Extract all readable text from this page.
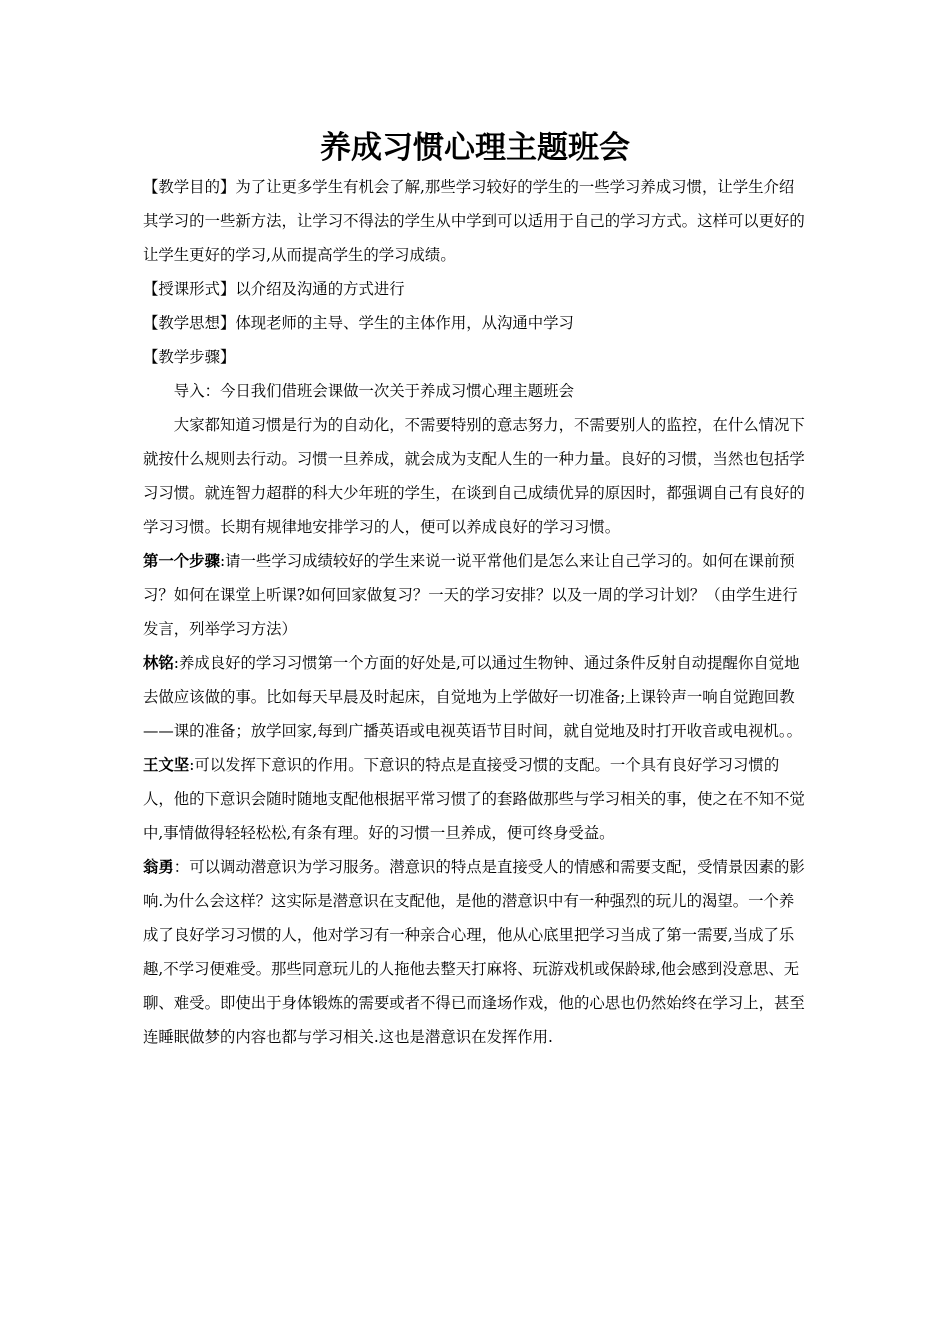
养成习惯心理主题班会

【教学目的】为了让更多学生有机会了解,那些学习较好的学生的一些学习养成习惯，让学生介绍其学习的一些新方法，让学习不得法的学生从中学到可以适用于自己的学习方式。这样可以更好的让学生更好的学习,从而提高学生的学习成绩。

【授课形式】以介绍及沟通的方式进行

【教学思想】体现老师的主导、学生的主体作用，从沟通中学习

【教学步骤】

导入：今日我们借班会课做一次关于养成习惯心理主题班会

大家都知道习惯是行为的自动化，不需要特别的意志努力，不需要别人的监控，在什么情况下就按什么规则去行动。习惯一旦养成，就会成为支配人生的一种力量。良好的习惯，当然也包括学习习惯。就连智力超群的科大少年班的学生，在谈到自己成绩优异的原因时，都强调自己有良好的学习习惯。长期有规律地安排学习的人，便可以养成良好的学习习惯。

第一个步骤:请一些学习成绩较好的学生来说一说平常他们是怎么来让自己学习的。如何在课前预习？如何在课堂上听课?如何回家做复习？一天的学习安排？以及一周的学习计划？（由学生进行发言，列举学习方法）

林铭:养成良好的学习习惯第一个方面的好处是,可以通过生物钟、通过条件反射自动提醒你自觉地去做应该做的事。比如每天早晨及时起床，自觉地为上学做好一切准备;上课铃声一响自觉跑回教——课的准备；放学回家,每到广播英语或电视英语节目时间，就自觉地及时打开收音或电视机。。

王文坚:可以发挥下意识的作用。下意识的特点是直接受习惯的支配。一个具有良好学习习惯的人，他的下意识会随时随地支配他根据平常习惯了的套路做那些与学习相关的事，使之在不知不觉中,事情做得轻轻松松,有条有理。好的习惯一旦养成，便可终身受益。

翁勇：可以调动潜意识为学习服务。潜意识的特点是直接受人的情感和需要支配，受情景因素的影响.为什么会这样？这实际是潜意识在支配他，是他的潜意识中有一种强烈的玩儿的渴望。一个养成了良好学习习惯的人，他对学习有一种亲合心理，他从心底里把学习当成了第一需要,当成了乐趣,不学习便难受。那些同意玩儿的人拖他去整天打麻将、玩游戏机或保龄球,他会感到没意思、无聊、难受。即使出于身体锻炼的需要或者不得已而逢场作戏，他的心思也仍然始终在学习上，甚至连睡眠做梦的内容也都与学习相关.这也是潜意识在发挥作用.
